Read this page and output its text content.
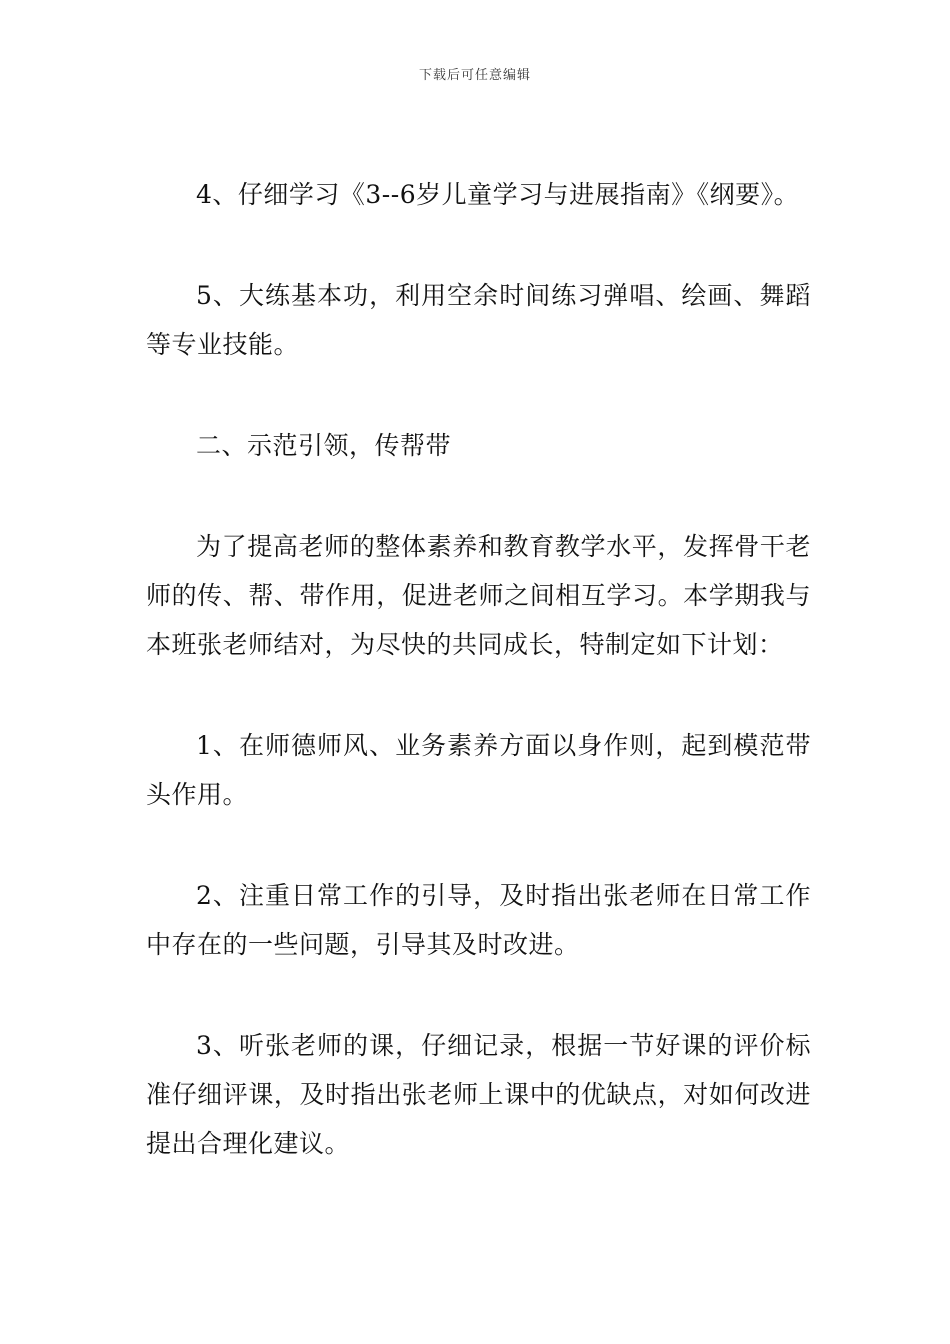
下载后可任意编辑

4、仔细学习《3--6岁儿童学习与进展指南》《纲要》。

5、大练基本功，利用空余时间练习弹唱、绘画、舞蹈等专业技能。

二、示范引领，传帮带

为了提高老师的整体素养和教育教学水平，发挥骨干老师的传、帮、带作用，促进老师之间相互学习。本学期我与本班张老师结对，为尽快的共同成长，特制定如下计划：

1、在师德师风、业务素养方面以身作则，起到模范带头作用。

2、注重日常工作的引导，及时指出张老师在日常工作中存在的一些问题，引导其及时改进。

3、听张老师的课，仔细记录，根据一节好课的评价标准仔细评课，及时指出张老师上课中的优缺点，对如何改进提出合理化建议。
